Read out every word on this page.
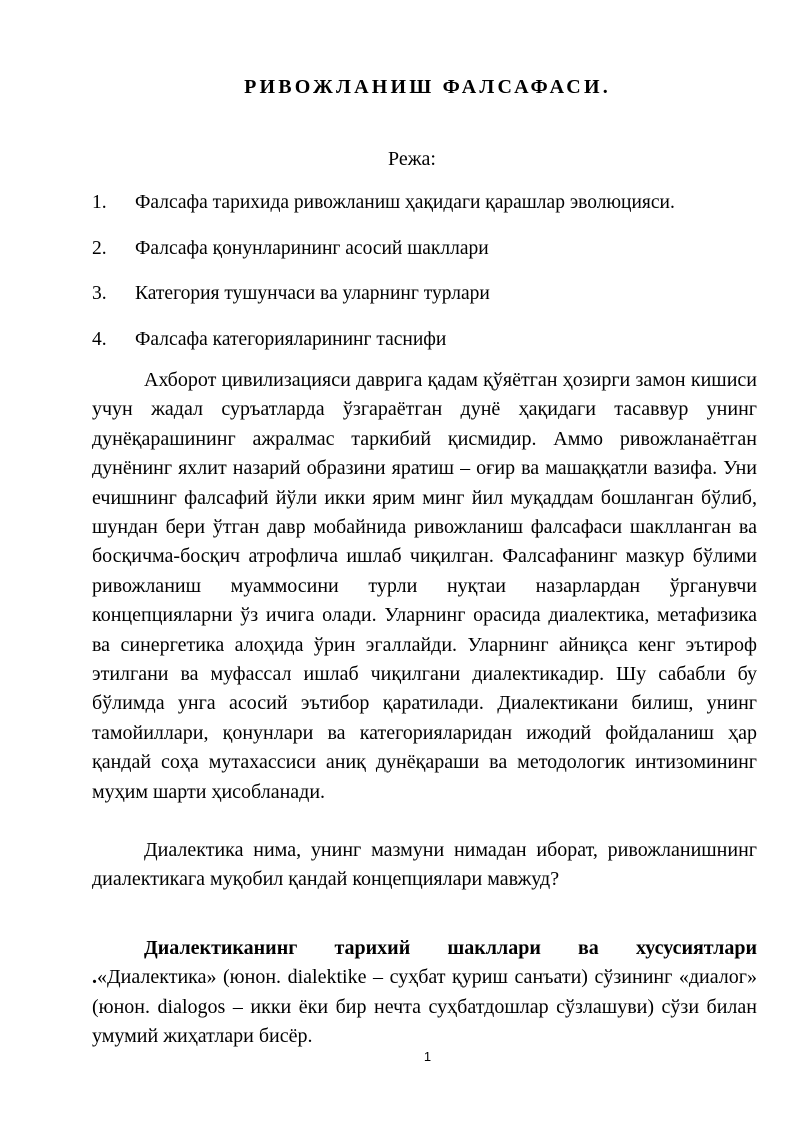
РИВОЖЛАНИШ ФАЛСАФАСИ.

Режа:

1. Фалсафа тарихида ривожланиш ҳақидаги қарашлар эволюцияси.
2. Фалсафа қонунларининг асосий шакллари
3. Категория тушунчаси ва уларнинг турлари
4. Фалсафа категорияларининг таснифи

Ахборот цивилизацияси даврига қадам қўяётган ҳозирги замон кишиси учун жадал суръатларда ўзгараётган дунё ҳақидаги тасаввур унинг дунёқарашининг ажралмас таркибий қисмидир. Аммо ривожланаётган дунёнинг яхлит назарий образини яратиш – оғир ва машаққатли вазифа. Уни ечишнинг фалсафий йўли икки ярим минг йил муқаддам бошланган бўлиб, шундан бери ўтган давр мобайнида ривожланиш фалсафаси шаклланган ва босқичма-босқич атрофлича ишлаб чиқилган. Фалсафанинг мазкур бўлими ривожланиш муаммосини турли нуқтаи назарлардан ўрганувчи концепцияларни ўз ичига олади. Уларнинг орасида диалектика, метафизика ва синергетика алоҳида ўрин эгаллайди. Уларнинг айниқса кенг эътироф этилгани ва муфассал ишлаб чиқилгани диалектикадир. Шу сабабли бу бўлимда унга асосий эътибор қаратилади. Диалектикани билиш, унинг тамойиллари, қонунлари ва категорияларидан ижодий фойдаланиш ҳар қандай соҳа мутахассиси аниқ дунёқараши ва методологик интизомининг муҳим шарти ҳисобланади.

Диалектика нима, унинг мазмуни нимадан иборат, ривожланишнинг диалектикага муқобил қандай концепциялари мавжуд?

Диалектиканинг тарихий шакллари ва хусусиятлари .«Диалектика» (юнон. dialektike – суҳбат қуриш санъати) сўзининг «диалог» (юнон. dialogos – икки ёки бир нечта суҳбатдошлар сўзлашуви) сўзи билан умумий жиҳатлари бисёр.

1
